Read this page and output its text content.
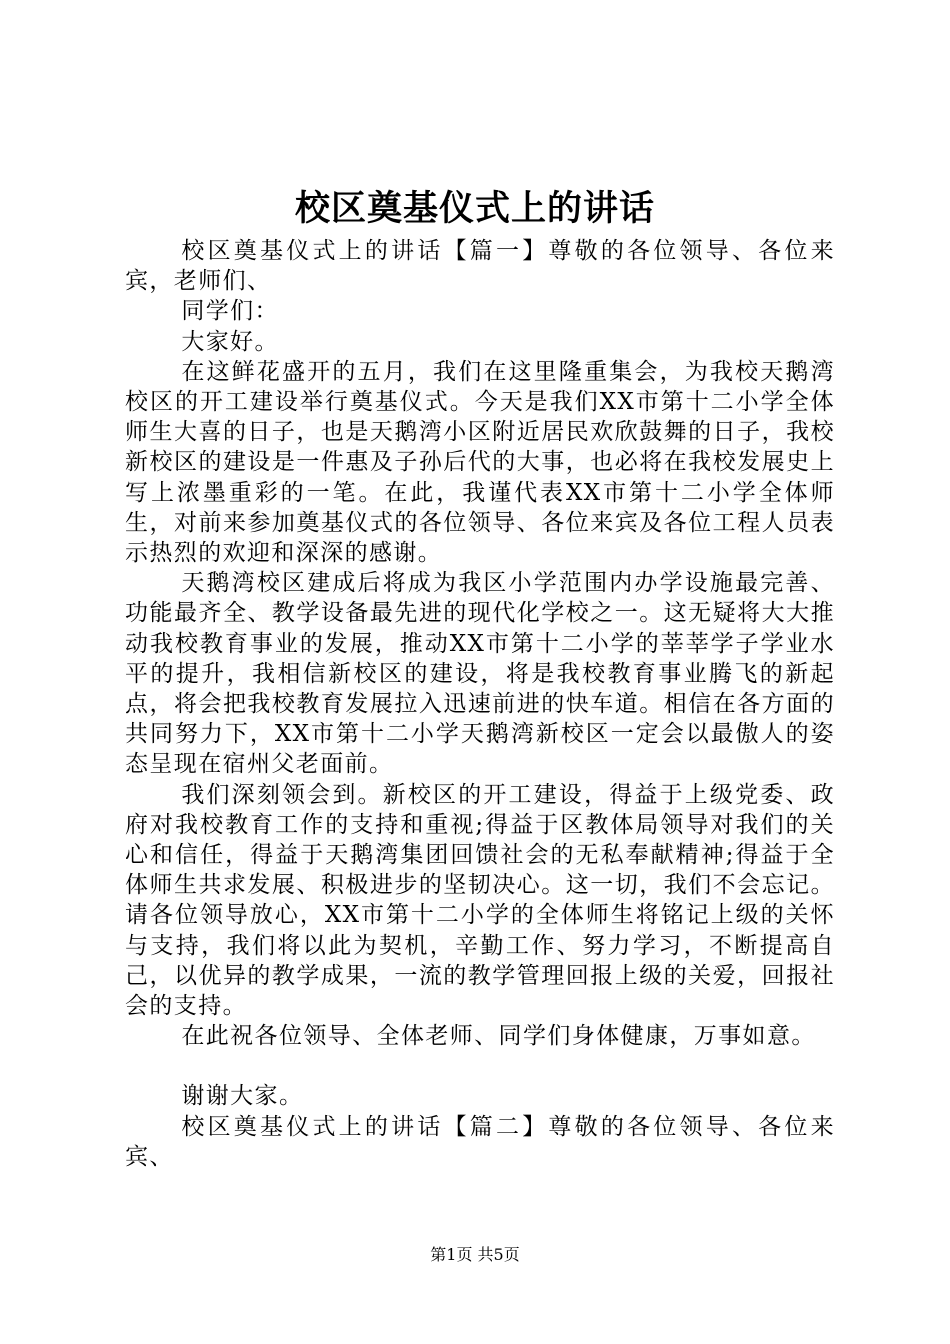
校区奠基仪式上的讲话

校区奠基仪式上的讲话【篇一】尊敬的各位领导、各位来宾，老师们、

同学们：

大家好。

在这鲜花盛开的五月，我们在这里隆重集会，为我校天鹅湾校区的开工建设举行奠基仪式。今天是我们XX市第十二小学全体师生大喜的日子，也是天鹅湾小区附近居民欢欣鼓舞的日子，我校新校区的建设是一件惠及子孙后代的大事，也必将在我校发展史上写上浓墨重彩的一笔。在此，我谨代表XX市第十二小学全体师生，对前来参加奠基仪式的各位领导、各位来宾及各位工程人员表示热烈的欢迎和深深的感谢。

天鹅湾校区建成后将成为我区小学范围内办学设施最完善、功能最齐全、教学设备最先进的现代化学校之一。这无疑将大大推动我校教育事业的发展，推动XX市第十二小学的莘莘学子学业水平的提升，我相信新校区的建设，将是我校教育事业腾飞的新起点，将会把我校教育发展拉入迅速前进的快车道。相信在各方面的共同努力下，XX市第十二小学天鹅湾新校区一定会以最傲人的姿态呈现在宿州父老面前。

我们深刻领会到。新校区的开工建设，得益于上级党委、政府对我校教育工作的支持和重视;得益于区教体局领导对我们的关心和信任，得益于天鹅湾集团回馈社会的无私奉献精神;得益于全体师生共求发展、积极进步的坚韧决心。这一切，我们不会忘记。请各位领导放心，XX市第十二小学的全体师生将铭记上级的关怀与支持，我们将以此为契机，辛勤工作、努力学习，不断提高自己，以优异的教学成果，一流的教学管理回报上级的关爱，回报社会的支持。

在此祝各位领导、全体老师、同学们身体健康，万事如意。

谢谢大家。

校区奠基仪式上的讲话【篇二】尊敬的各位领导、各位来宾、

第1页 共5页
